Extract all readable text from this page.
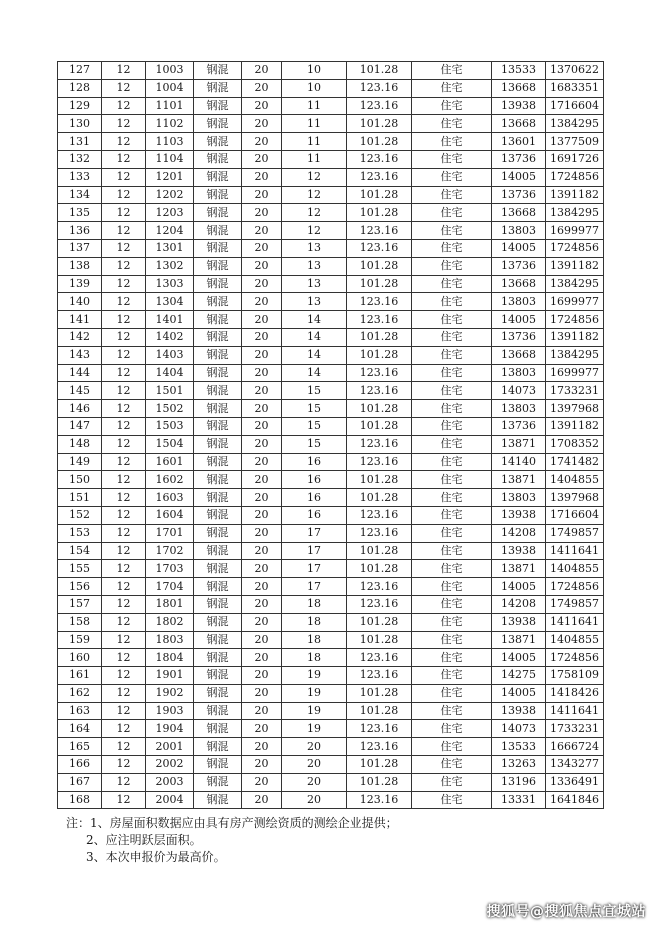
127	12	1003	钢混	20	10	101.28	住宅	13533	1370622
128	12	1004	钢混	20	10	123.16	住宅	13668	1683351
129	12	1101	钢混	20	11	123.16	住宅	13938	1716604
130	12	1102	钢混	20	11	101.28	住宅	13668	1384295
131	12	1103	钢混	20	11	101.28	住宅	13601	1377509
132	12	1104	钢混	20	11	123.16	住宅	13736	1691726
133	12	1201	钢混	20	12	123.16	住宅	14005	1724856
134	12	1202	钢混	20	12	101.28	住宅	13736	1391182
135	12	1203	钢混	20	12	101.28	住宅	13668	1384295
136	12	1204	钢混	20	12	123.16	住宅	13803	1699977
137	12	1301	钢混	20	13	123.16	住宅	14005	1724856
138	12	1302	钢混	20	13	101.28	住宅	13736	1391182
139	12	1303	钢混	20	13	101.28	住宅	13668	1384295
140	12	1304	钢混	20	13	123.16	住宅	13803	1699977
141	12	1401	钢混	20	14	123.16	住宅	14005	1724856
142	12	1402	钢混	20	14	101.28	住宅	13736	1391182
143	12	1403	钢混	20	14	101.28	住宅	13668	1384295
144	12	1404	钢混	20	14	123.16	住宅	13803	1699977
145	12	1501	钢混	20	15	123.16	住宅	14073	1733231
146	12	1502	钢混	20	15	101.28	住宅	13803	1397968
147	12	1503	钢混	20	15	101.28	住宅	13736	1391182
148	12	1504	钢混	20	15	123.16	住宅	13871	1708352
149	12	1601	钢混	20	16	123.16	住宅	14140	1741482
150	12	1602	钢混	20	16	101.28	住宅	13871	1404855
151	12	1603	钢混	20	16	101.28	住宅	13803	1397968
152	12	1604	钢混	20	16	123.16	住宅	13938	1716604
153	12	1701	钢混	20	17	123.16	住宅	14208	1749857
154	12	1702	钢混	20	17	101.28	住宅	13938	1411641
155	12	1703	钢混	20	17	101.28	住宅	13871	1404855
156	12	1704	钢混	20	17	123.16	住宅	14005	1724856
157	12	1801	钢混	20	18	123.16	住宅	14208	1749857
158	12	1802	钢混	20	18	101.28	住宅	13938	1411641
159	12	1803	钢混	20	18	101.28	住宅	13871	1404855
160	12	1804	钢混	20	18	123.16	住宅	14005	1724856
161	12	1901	钢混	20	19	123.16	住宅	14275	1758109
162	12	1902	钢混	20	19	101.28	住宅	14005	1418426
163	12	1903	钢混	20	19	101.28	住宅	13938	1411641
164	12	1904	钢混	20	19	123.16	住宅	14073	1733231
165	12	2001	钢混	20	20	123.16	住宅	13533	1666724
166	12	2002	钢混	20	20	101.28	住宅	13263	1343277
167	12	2003	钢混	20	20	101.28	住宅	13196	1336491
168	12	2004	钢混	20	20	123.16	住宅	13331	1641846
注：1、房屋面积数据应由具有房产测绘资质的测绘企业提供；
2、应注明跃层面积。
3、本次申报价为最高价。
搜狐号@搜狐焦点宜城站
